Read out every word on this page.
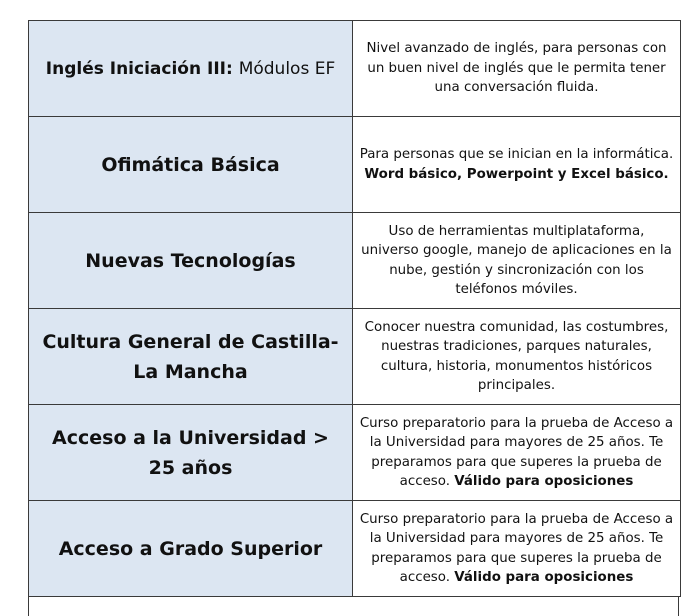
Inglés Iniciación III: Módulos EF	Nivel avanzado de inglés, para personas con un buen nivel de inglés que le permita tener una conversación fluida.

Ofimática Básica	Para personas que se inician en la informática.
Word básico, Powerpoint y Excel básico.

Nuevas Tecnologías	Uso de herramientas multiplataforma, universo google, manejo de aplicaciones en la nube, gestión y sincronización con los teléfonos móviles.

Cultura General de Castilla-La Mancha	Conocer nuestra comunidad, las costumbres, nuestras tradiciones, parques naturales, cultura, historia, monumentos históricos principales.

Acceso a la Universidad > 25 años	Curso preparatorio para la prueba de Acceso a la Universidad para mayores de 25 años. Te preparamos para que superes la prueba de acceso. Válido para oposiciones

Acceso a Grado Superior	Curso preparatorio para la prueba de Acceso a la Universidad para mayores de 25 años. Te preparamos para que superes la prueba de acceso. Válido para oposiciones
